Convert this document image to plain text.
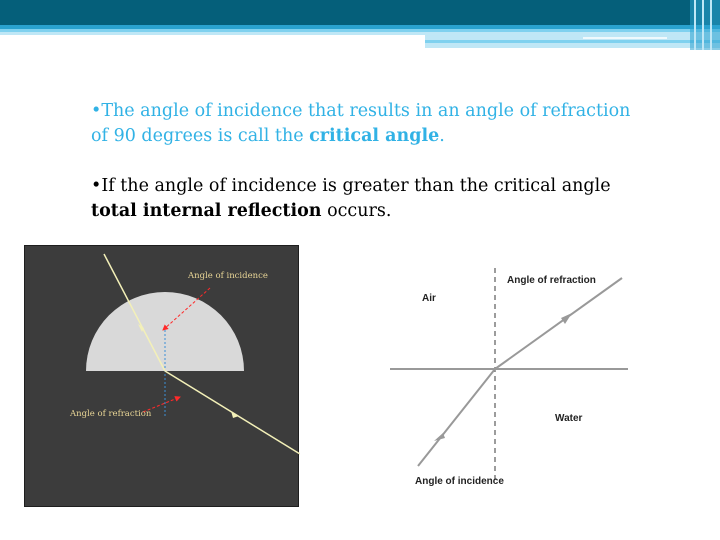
•The angle of incidence that results in an angle of refraction of 90 degrees is call the critical angle.
•If the angle of incidence is greater than the critical angle total internal reflection occurs.
Angle of incidence
Angle of refraction
Angle of refraction
Air
Water
Angle of incidence
